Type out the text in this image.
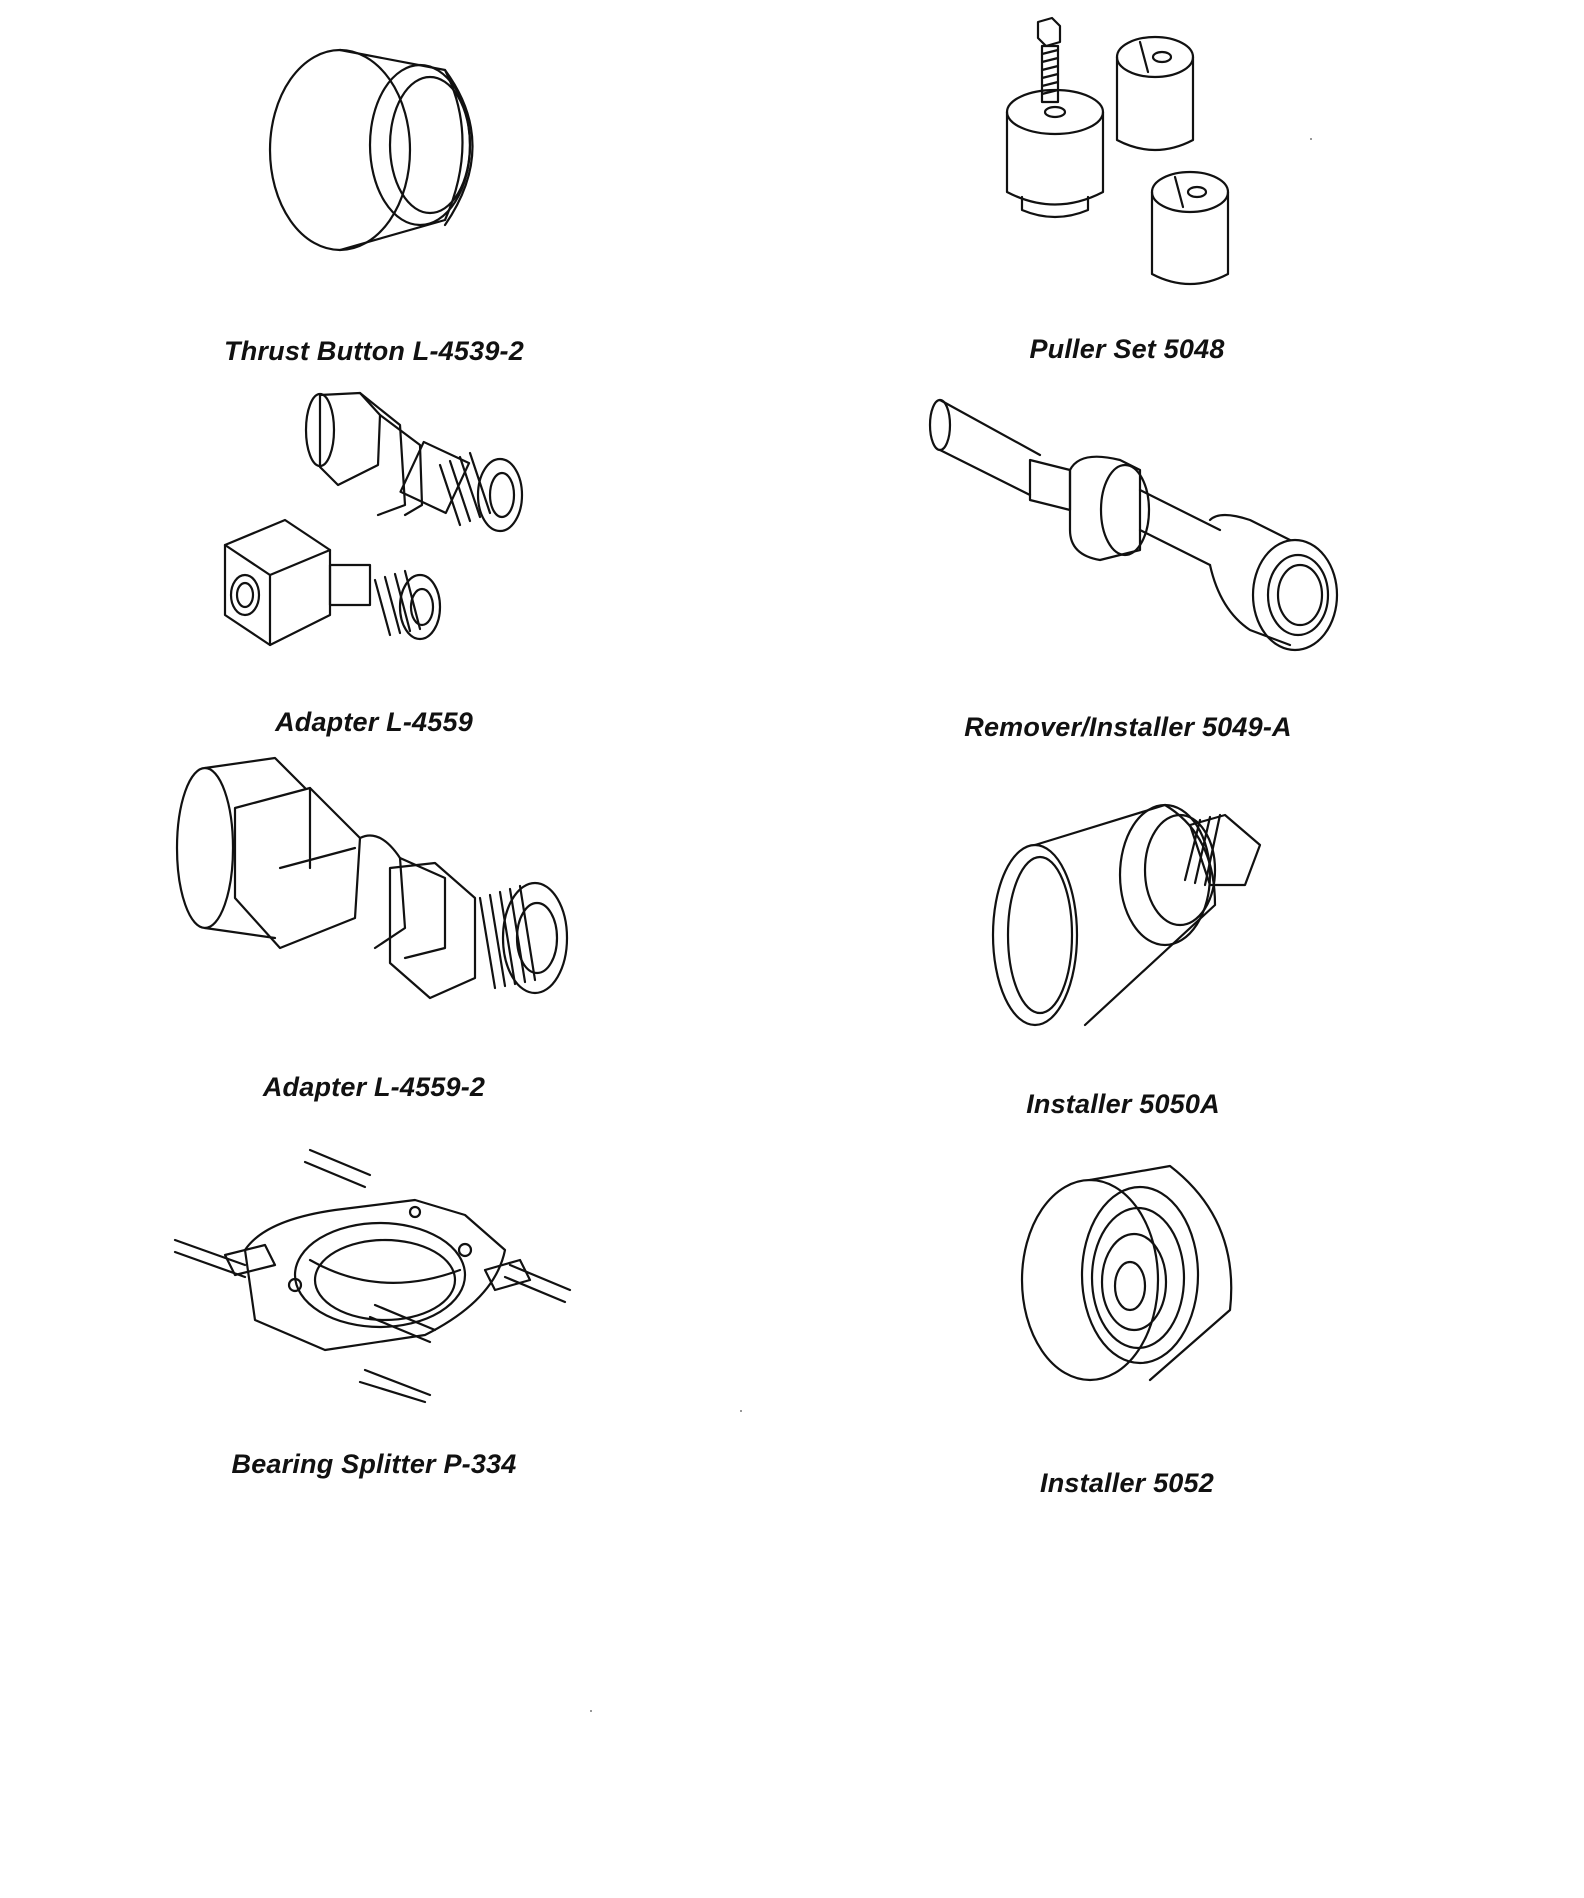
Thrust Button L-4539-2	Puller Set 5048
Adapter L-4559	Remover/Installer 5049-A
Adapter L-4559-2
Installer 5050A
Bearing Splitter P-334
Installer 5052
